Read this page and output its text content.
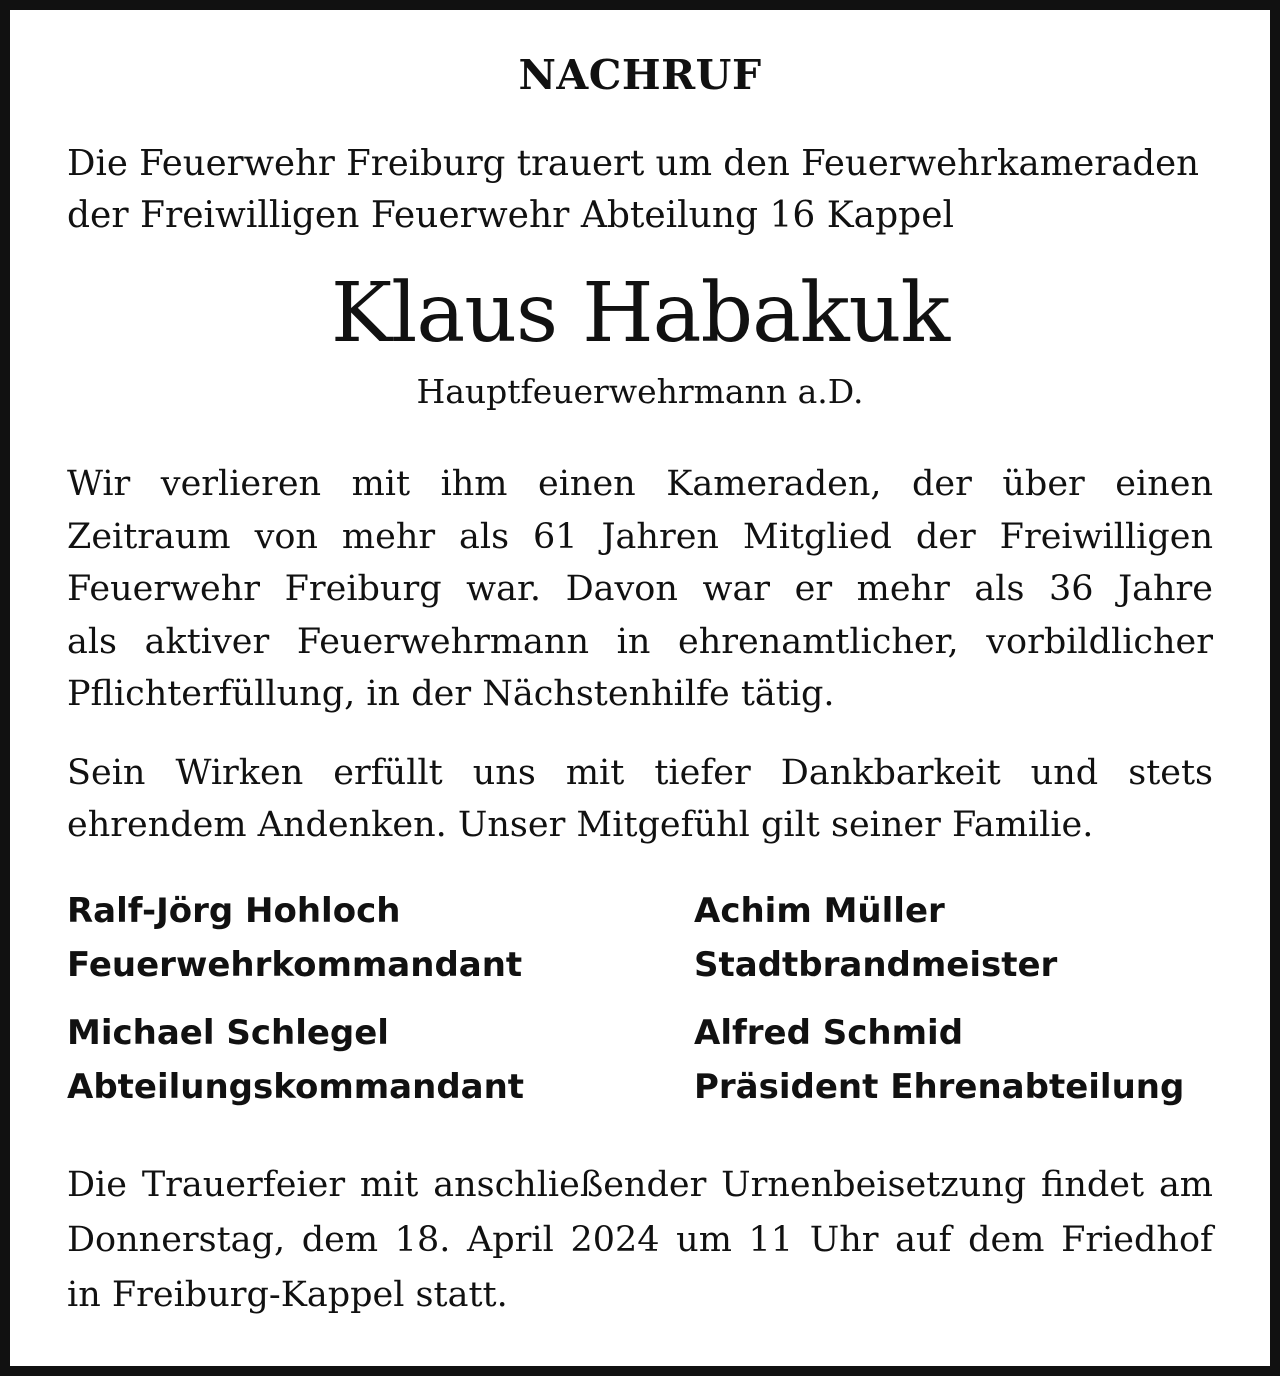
NACHRUF

Die Feuerwehr Freiburg trauert um den Feuerwehrkameraden
der Freiwilligen Feuerwehr Abteilung 16 Kappel

Klaus Habakuk
Hauptfeuerwehrmann a.D.

Wir verlieren mit ihm einen Kameraden, der über einen
Zeitraum von mehr als 61 Jahren Mitglied der Freiwilligen
Feuerwehr Freiburg war. Davon war er mehr als 36 Jahre
als aktiver Feuerwehrmann in ehrenamtlicher, vorbildlicher
Pflichterfüllung, in der Nächstenhilfe tätig.

Sein Wirken erfüllt uns mit tiefer Dankbarkeit und stets
ehrendem Andenken. Unser Mitgefühl gilt seiner Familie.

Ralf-Jörg Hohloch
Feuerwehrkommandant
Achim Müller
Stadtbrandmeister
Michael Schlegel
Abteilungskommandant
Alfred Schmid
Präsident Ehrenabteilung

Die Trauerfeier mit anschließender Urnenbeisetzung findet am
Donnerstag, dem 18. April 2024 um 11 Uhr auf dem Friedhof
in Freiburg-Kappel statt.
